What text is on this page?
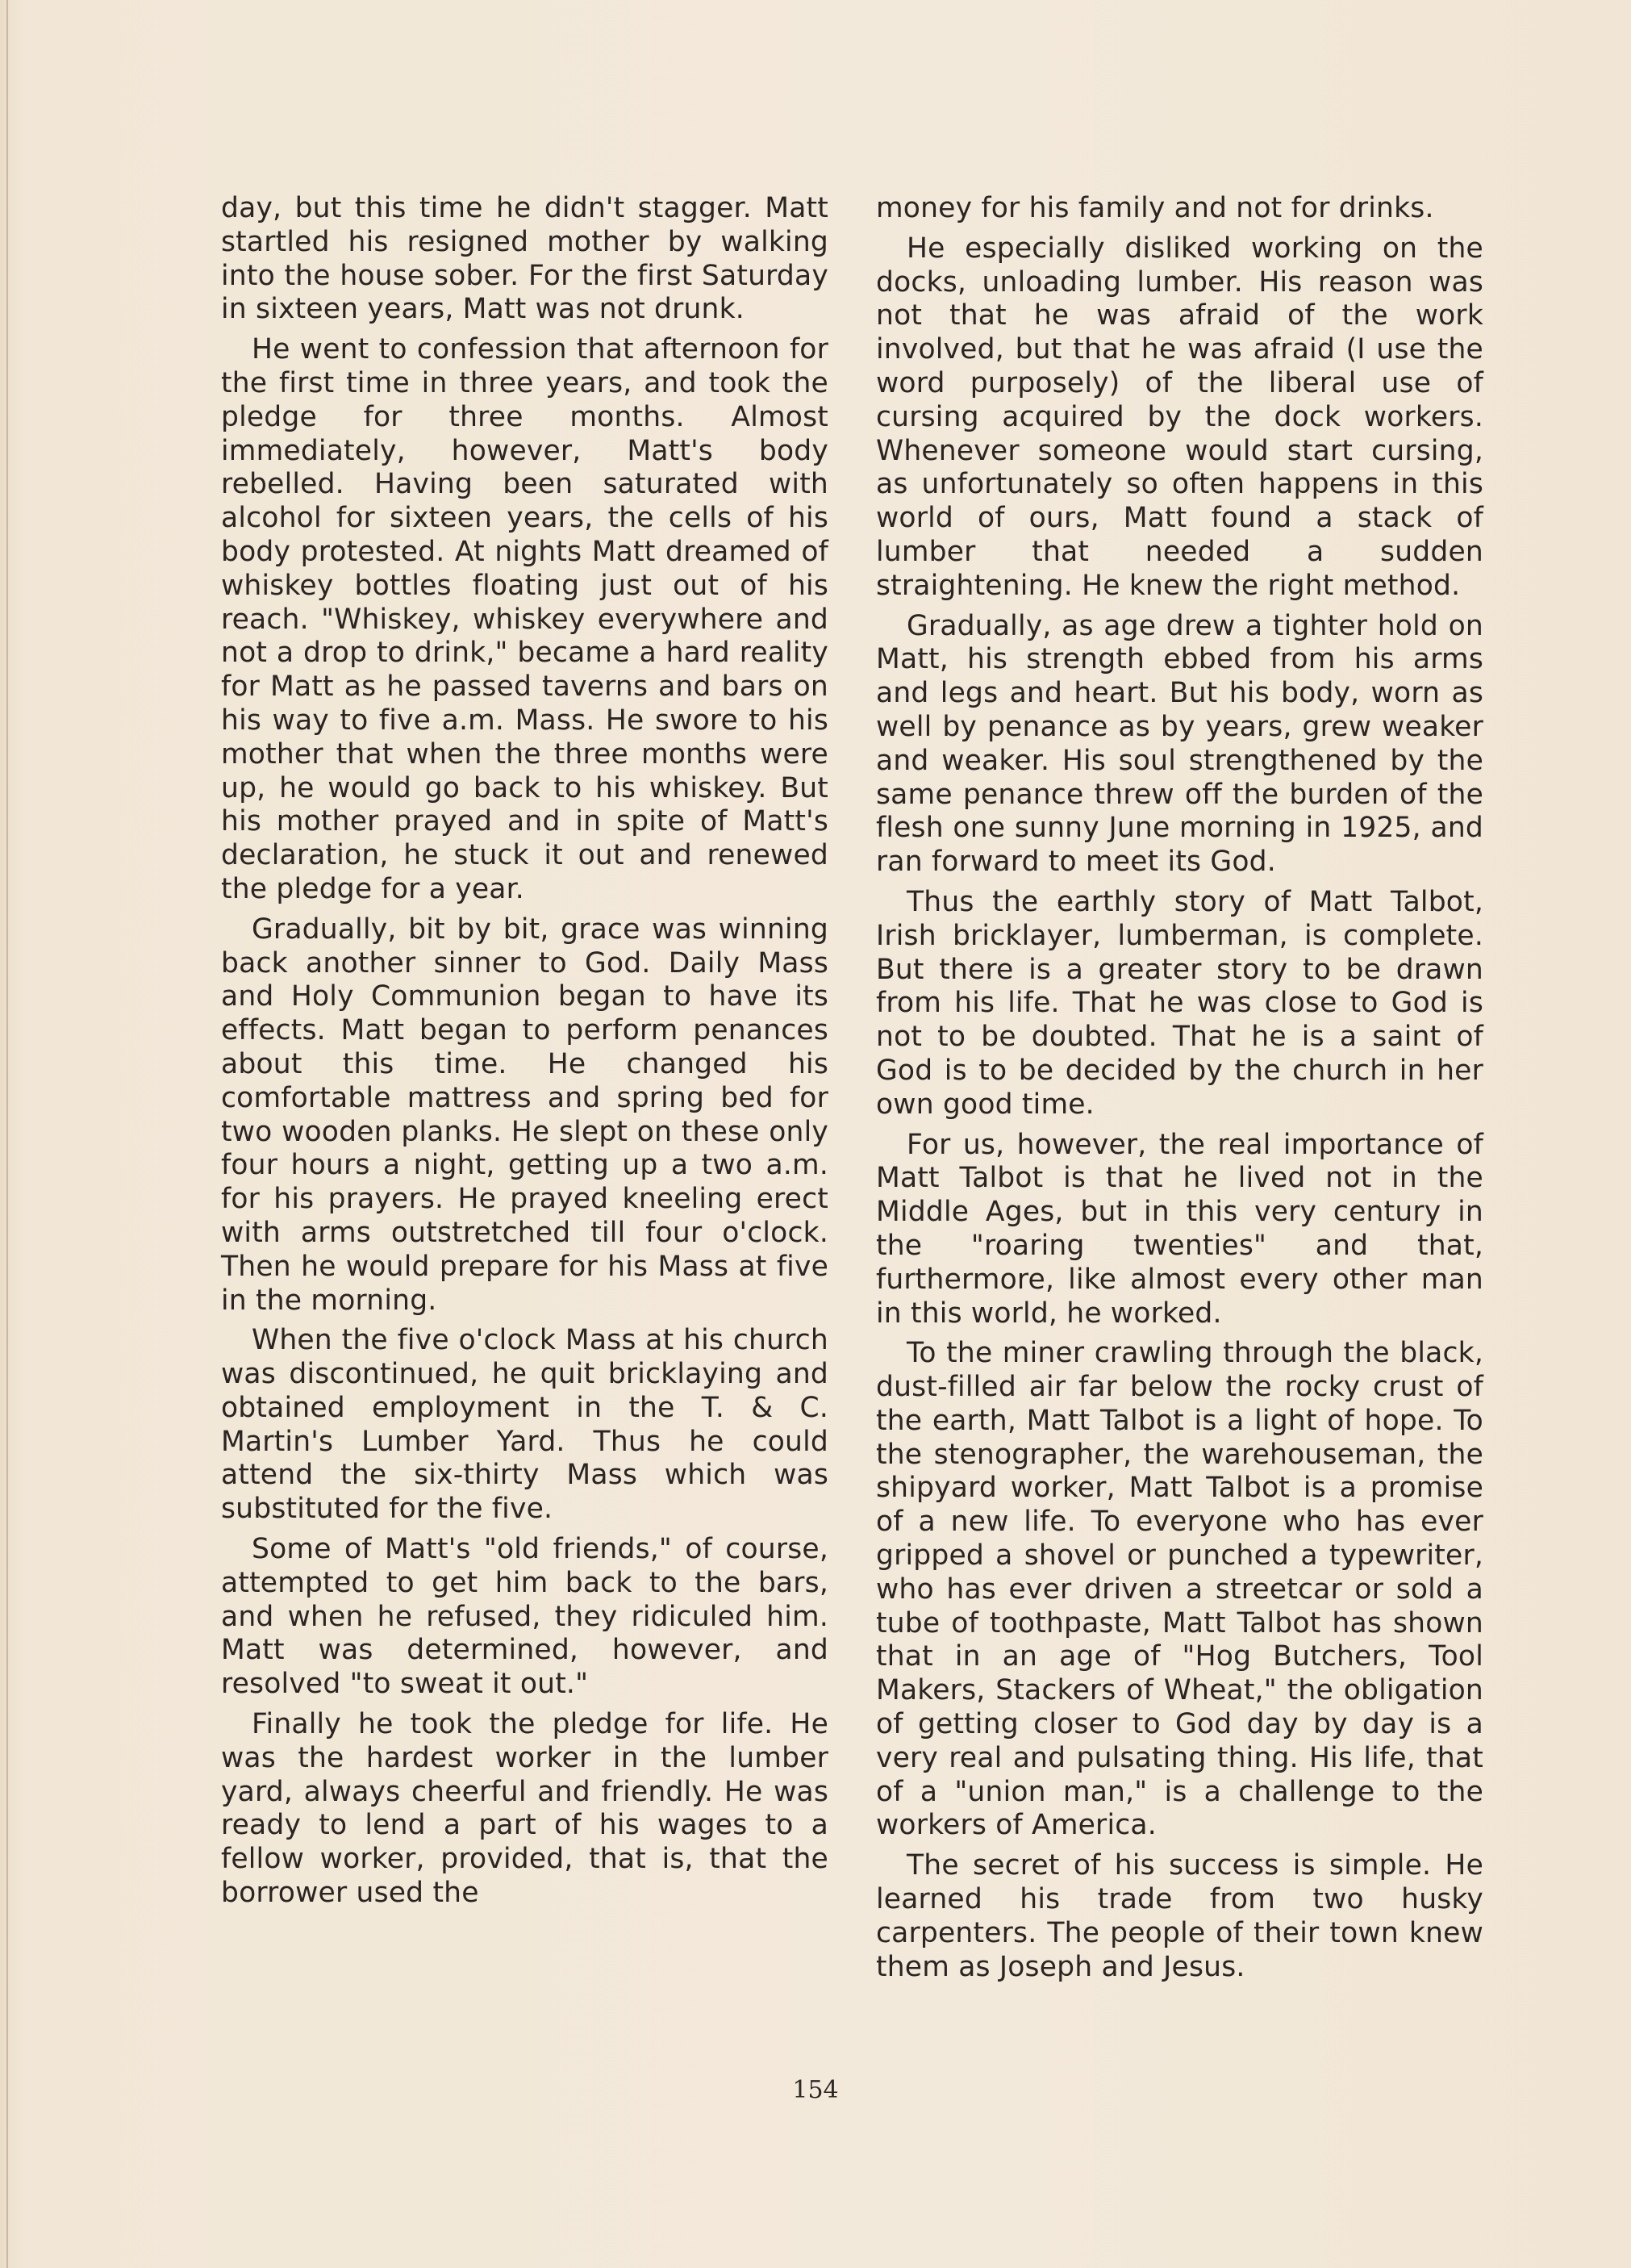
day, but this time he didn't stagger. Matt startled his resigned mother by walking into the house sober. For the first Saturday in sixteen years, Matt was not drunk.

He went to confession that afternoon for the first time in three years, and took the pledge for three months. Almost immediately, however, Matt's body rebelled. Having been saturated with alcohol for sixteen years, the cells of his body protested. At nights Matt dreamed of whiskey bottles floating just out of his reach. "Whiskey, whiskey everywhere and not a drop to drink," became a hard reality for Matt as he passed taverns and bars on his way to five a.m. Mass. He swore to his mother that when the three months were up, he would go back to his whiskey. But his mother prayed and in spite of Matt's declaration, he stuck it out and renewed the pledge for a year.

Gradually, bit by bit, grace was winning back another sinner to God. Daily Mass and Holy Communion began to have its effects. Matt began to perform penances about this time. He changed his comfortable mattress and spring bed for two wooden planks. He slept on these only four hours a night, getting up a two a.m. for his prayers. He prayed kneeling erect with arms outstretched till four o'clock. Then he would prepare for his Mass at five in the morning.

When the five o'clock Mass at his church was discontinued, he quit bricklaying and obtained employment in the T. & C. Martin's Lumber Yard. Thus he could attend the six-thirty Mass which was substituted for the five.

Some of Matt's "old friends," of course, attempted to get him back to the bars, and when he refused, they ridiculed him. Matt was determined, however, and resolved "to sweat it out."

Finally he took the pledge for life. He was the hardest worker in the lumber yard, always cheerful and friendly. He was ready to lend a part of his wages to a fellow worker, provided, that is, that the borrower used the

money for his family and not for drinks.

He especially disliked working on the docks, unloading lumber. His reason was not that he was afraid of the work involved, but that he was afraid (I use the word purposely) of the liberal use of cursing acquired by the dock workers. Whenever someone would start cursing, as unfortunately so often happens in this world of ours, Matt found a stack of lumber that needed a sudden straightening. He knew the right method.

Gradually, as age drew a tighter hold on Matt, his strength ebbed from his arms and legs and heart. But his body, worn as well by penance as by years, grew weaker and weaker. His soul strengthened by the same penance threw off the burden of the flesh one sunny June morning in 1925, and ran forward to meet its God.

Thus the earthly story of Matt Talbot, Irish bricklayer, lumberman, is complete. But there is a greater story to be drawn from his life. That he was close to God is not to be doubted. That he is a saint of God is to be decided by the church in her own good time.

For us, however, the real importance of Matt Talbot is that he lived not in the Middle Ages, but in this very century in the "roaring twenties" and that, furthermore, like almost every other man in this world, he worked.

To the miner crawling through the black, dust-filled air far below the rocky crust of the earth, Matt Talbot is a light of hope. To the stenographer, the warehouseman, the shipyard worker, Matt Talbot is a promise of a new life. To everyone who has ever gripped a shovel or punched a typewriter, who has ever driven a streetcar or sold a tube of toothpaste, Matt Talbot has shown that in an age of "Hog Butchers, Tool Makers, Stackers of Wheat," the obligation of getting closer to God day by day is a very real and pulsating thing. His life, that of a "union man," is a challenge to the workers of America.

The secret of his success is simple. He learned his trade from two husky carpenters. The people of their town knew them as Joseph and Jesus.

154
